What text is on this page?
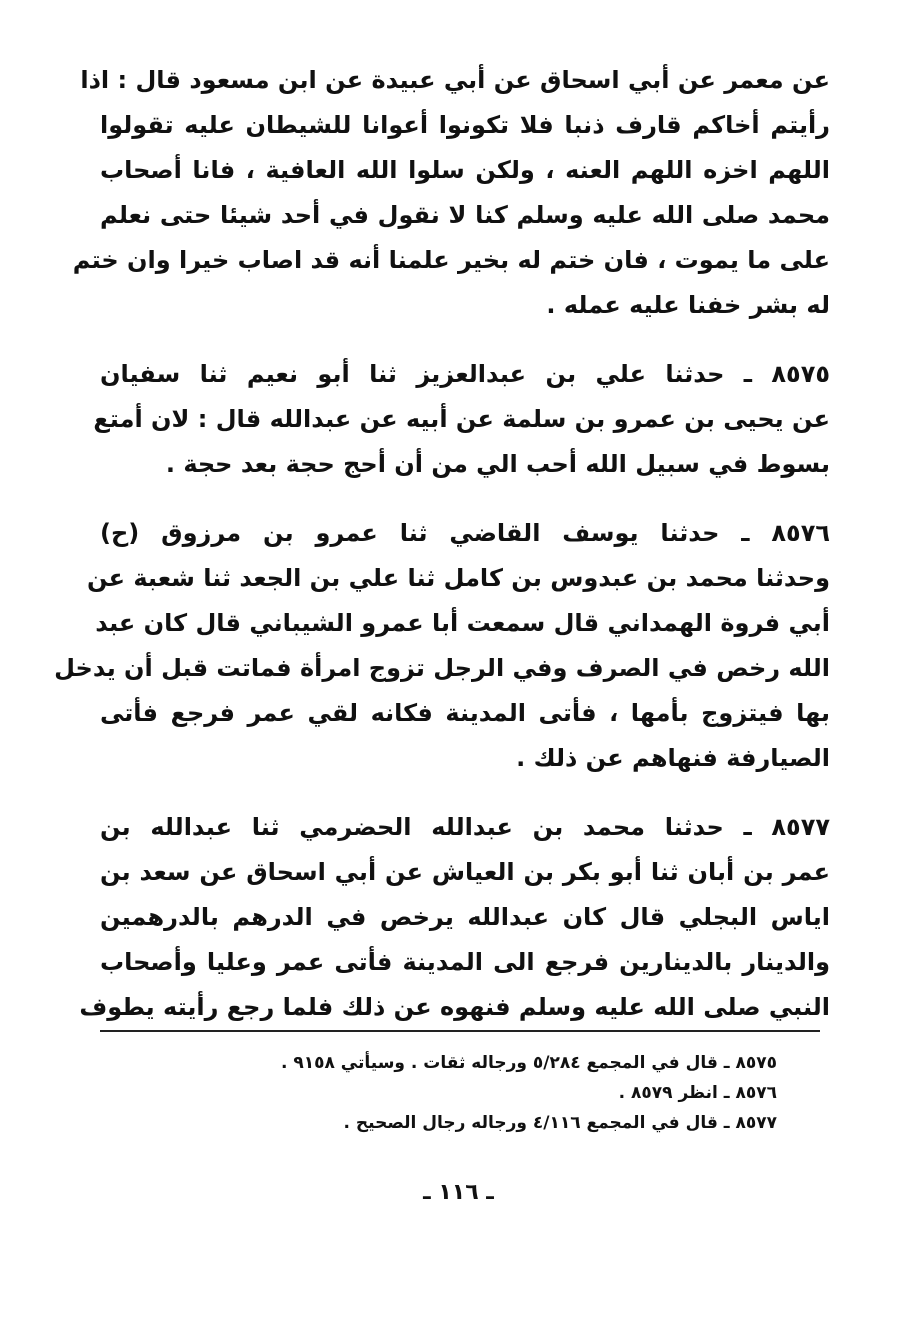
عن معمر عن أبي اسحاق عن أبي عبيدة عن ابن مسعود قال : اذا
رأيتم أخاكم قارف ذنبا فلا تكونوا أعوانا للشيطان عليه تقولوا
اللهم اخزه اللهم العنه ، ولكن سلوا الله العافية ، فانا أصحاب
محمد صلى الله عليه وسلم كنا لا نقول في أحد شيئا حتى نعلم
على ما يموت ، فان ختم له بخير علمنا أنه قد اصاب خيرا وان ختم
له بشر خفنا عليه عمله .
٨٥٧٥ ـ حدثنا علي بن عبدالعزيز ثنا أبو نعيم ثنا سفيان
عن يحيى بن عمرو بن سلمة عن أبيه عن عبدالله قال : لان أمتع
بسوط في سبيل الله أحب الي من أن أحج حجة بعد حجة .
٨٥٧٦ ـ حدثنا يوسف القاضي ثنا عمرو بن مرزوق (ح)
وحدثنا محمد بن عبدوس بن كامل ثنا علي بن الجعد ثنا شعبة عن
أبي فروة الهمداني قال سمعت أبا عمرو الشيباني قال كان عبد
الله رخص في الصرف وفي الرجل تزوج امرأة فماتت قبل أن يدخل
بها فيتزوج بأمها ، فأتى المدينة فكانه لقي عمر فرجع فأتى
الصيارفة فنهاهم عن ذلك .
٨٥٧٧ ـ حدثنا محمد بن عبدالله الحضرمي ثنا عبدالله بن
عمر بن أبان ثنا أبو بكر بن العياش عن أبي اسحاق عن سعد بن
اياس البجلي قال كان عبدالله يرخص في الدرهم بالدرهمين
والدينار بالدينارين فرجع الى المدينة فأتى عمر وعليا وأصحاب
النبي صلى الله عليه وسلم فنهوه عن ذلك فلما رجع رأيته يطوف
٨٥٧٥ ـ قال في المجمع ٥/٢٨٤ ورجاله ثقات . وسيأتي ٩١٥٨ .
٨٥٧٦ ـ انظر ٨٥٧٩ .
٨٥٧٧ ـ قال في المجمع ٤/١١٦ ورجاله رجال الصحيح .
ـ ١١٦ ـ
